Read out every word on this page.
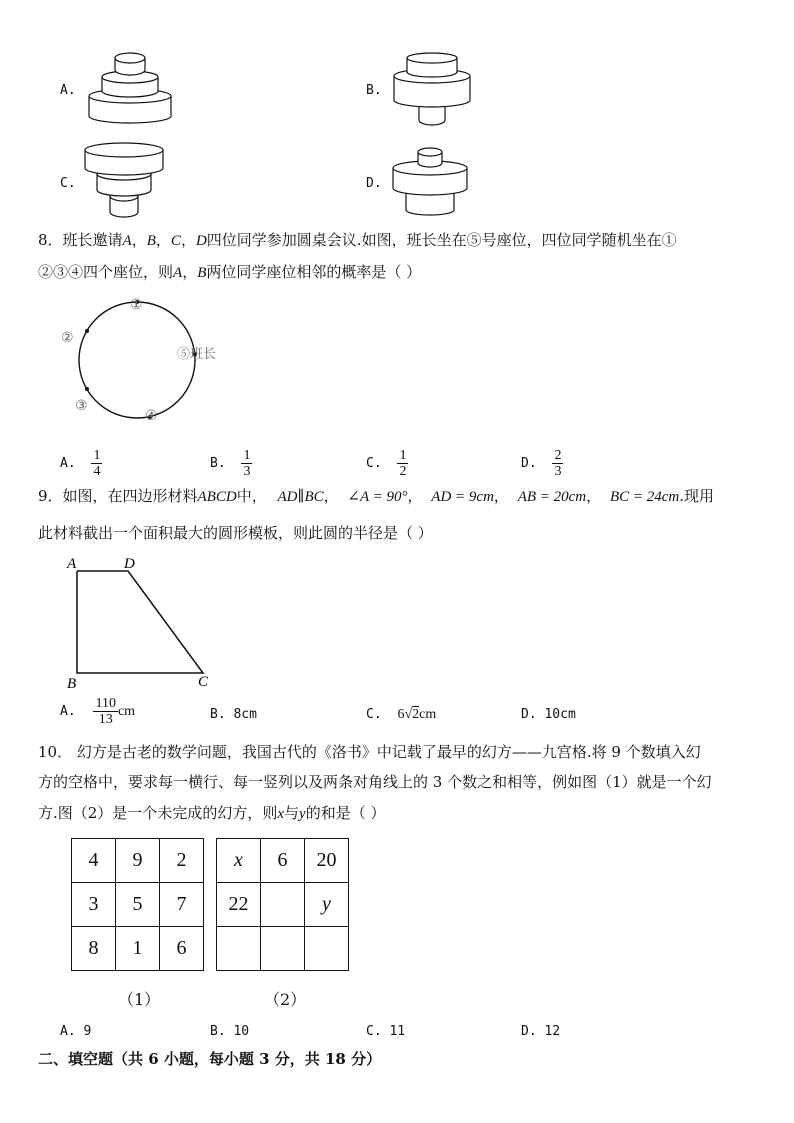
A.	B.
C.	D.
8．班长邀请A，B，C，D四位同学参加圆桌会议.如图，班长坐在⑤号座位，四位同学随机坐在①
②③④四个座位，则A，B两位同学座位相邻的概率是（ ）
①
②
③
④
⑤班长
A. $\frac{1}{4}$	B. $\frac{1}{3}$	C. $\frac{1}{2}$	D. $\frac{2}{3}$
9．如图，在四边形材料ABCD中， AD∥BC， ∠A = 90°， AD = 9cm， AB = 20cm， BC = 24cm.现用
此材料截出一个面积最大的圆形模板，则此圆的半径是（ ）
A	D
B	C
A. $\frac{110}{13}$ cm	B. 8cm	C. 6√2cm	D. 10cm
10． 幻方是古老的数学问题，我国古代的《洛书》中记载了最早的幻方——九宫格.将 9 个数填入幻
方的空格中，要求每一横行、每一竖列以及两条对角线上的 3 个数之和相等，例如图（1）就是一个幻
方.图（2）是一个未完成的幻方，则x与y的和是（ ）
4	9	2
3	5	7
8	1	6
x	6	20
22		y

（1）	（2）
A. 9	B. 10	C. 11	D. 12
二、填空题（共 6 小题，每小题 3 分，共 18 分）
